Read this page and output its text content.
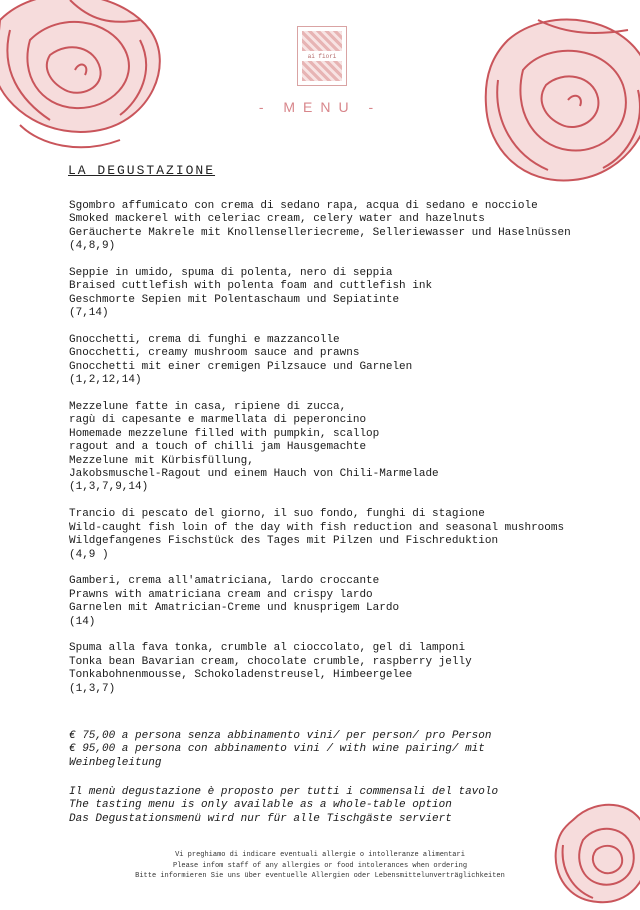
ai fiori
- MENU -
LA DEGUSTAZIONE
Sgombro affumicato con crema di sedano rapa, acqua di sedano e nocciole
Smoked mackerel with celeriac cream, celery water and hazelnuts
Geräucherte Makrele mit Knollenselleriecreme, Selleriewasser und Haselnüssen
(4,8,9)
Seppie in umido, spuma di polenta, nero di seppia
Braised cuttlefish with polenta foam and cuttlefish ink
Geschmorte Sepien mit Polentaschaum und Sepiatinte
(7,14)
Gnocchetti, crema di funghi e mazzancolle
Gnocchetti, creamy mushroom sauce and prawns
Gnocchetti mit einer cremigen Pilzsauce und Garnelen
(1,2,12,14)
Mezzelune fatte in casa, ripiene di zucca,
ragù di capesante e marmellata di peperoncino
Homemade mezzelune filled with pumpkin, scallop
ragout and a touch of chilli jam Hausgemachte
Mezzelune mit Kürbisfüllung,
Jakobsmuschel-Ragout und einem Hauch von Chili-Marmelade
(1,3,7,9,14)
Trancio di pescato del giorno, il suo fondo, funghi di stagione
Wild-caught fish loin of the day with fish reduction and seasonal mushrooms
Wildgefangenes Fischstück des Tages mit Pilzen und Fischreduktion
(4,9 )
Gamberi, crema all'amatriciana, lardo croccante
Prawns with amatriciana cream and crispy lardo
Garnelen mit Amatrician-Creme und knusprigem Lardo
(14)
Spuma alla fava tonka, crumble al cioccolato, gel di lamponi
Tonka bean Bavarian cream, chocolate crumble, raspberry jelly
Tonkabohnenmousse, Schokoladenstreusel, Himbeergelee
(1,3,7)
€ 75,00 a persona senza abbinamento vini/ per person/ pro Person
€ 95,00 a persona con abbinamento vini / with wine pairing/ mit
Weinbegleitung
Il menù degustazione è proposto per tutti i commensali del tavolo
The tasting menu is only available as a whole-table option
Das Degustationsmenü wird nur für alle Tischgäste serviert
Vi preghiamo di indicare eventuali allergie o intolleranze alimentari
Please infom staff of any allergies or food intolerances when ordering
Bitte informieren Sie uns über eventuelle Allergien oder Lebensmittelunverträglichkeiten
